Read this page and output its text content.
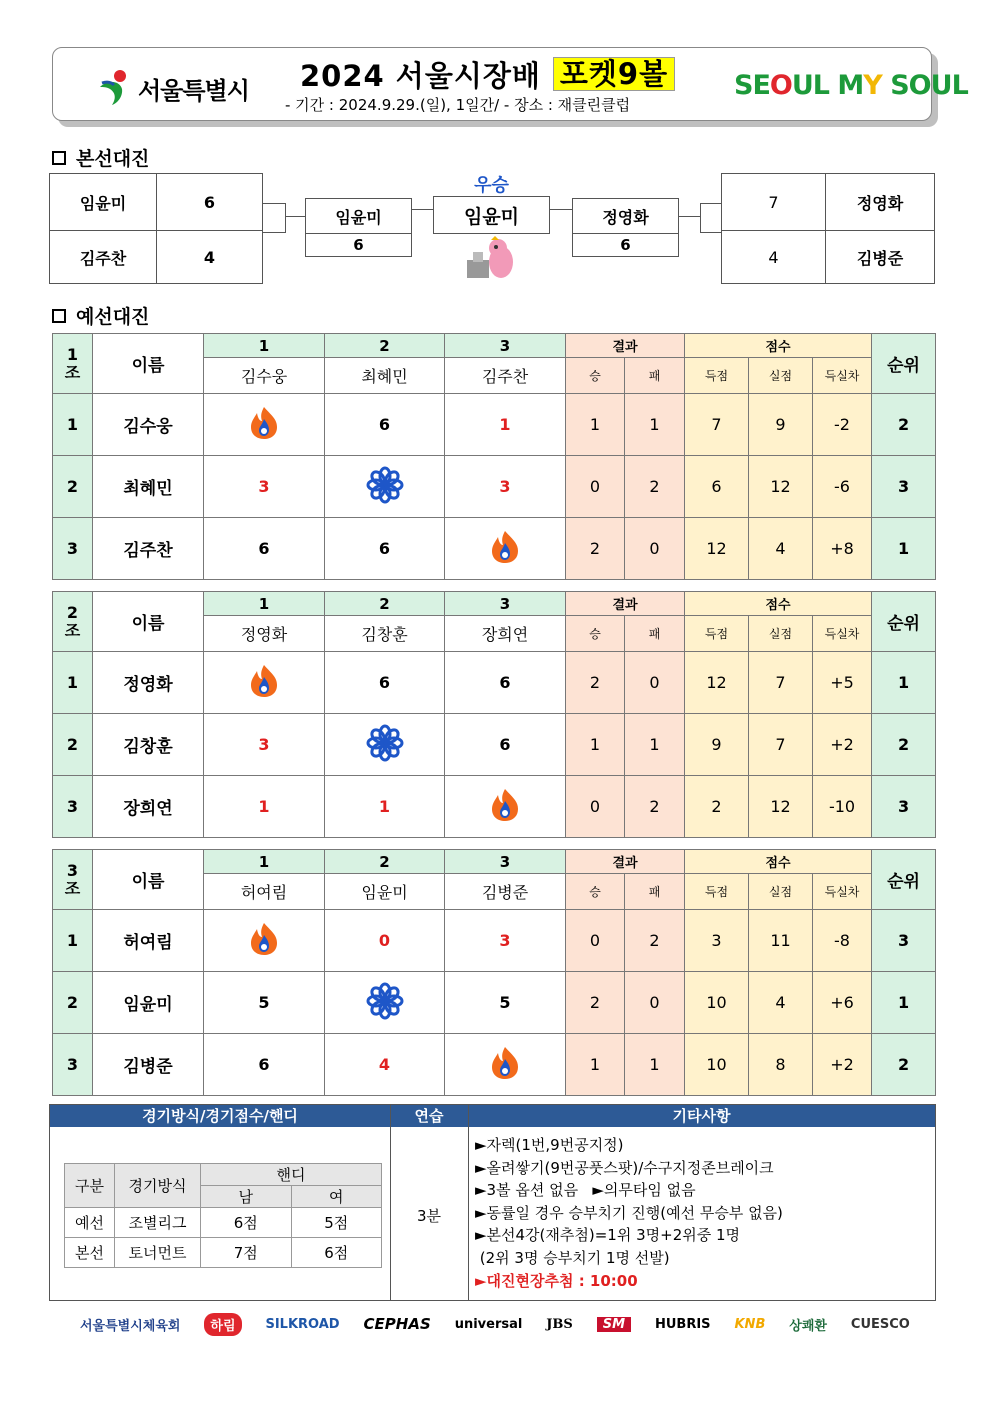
서울특별시 2024 서울시장배 포켓9볼
- 기간 : 2024.9.29.(일), 1일간/ - 장소 : 재클린클럽
SEOUL MY SOUL
본선대진
임윤미	6
김주찬	4
임윤미
6
우승
임윤미	정영화
6
7	정영화
4	김병준
예선대진
1
조	이름	1	2	3	결과		점수			순위
		김수웅	최혜민	김주찬	승	패	득점	실점	득실차	
1	김수웅		6	1	1	1	7	9	-2	2
2	최혜민	3		3	0	2	6	12	-6	3
3	김주찬	6	6		2	0	12	4	+8	1
2
조	이름	1	2	3	결과		점수			순위
		정영화	김창훈	장희연	승	패	득점	실점	득실차	
1	정영화		6	6	2	0	12	7	+5	1
2	김창훈	3		6	1	1	9	7	+2	2
3	장희연	1	1		0	2	2	12	-10	3
3
조	이름	1	2	3	결과		점수			순위
		허여림	임윤미	김병준	승	패	득점	실점	득실차	
1	허여림		0	3	0	2	3	11	-8	3
2	임윤미	5		5	2	0	10	4	+6	1
3	김병준	6	4		1	1	10	8	+2	2
경기방식/경기점수/핸디	연습	기타사항
구분	경기방식	핸디	
		남	여
예선	조별리그	6점	5점
본선	토너먼트	7점	6점
3분
►자렉(1번,9번공지정)
►올려쌓기(9번공풋스팟)/수구지정존브레이크
►3볼 옵션 없음   ►의무타임 없음
►동률일 경우 승부치기 진행(예선 무승부 없음)
►본선4강(재추첨)=1위 3명+2위중 1명
(2위 3명 승부치기 1명 선발)
►대진현장추첨 : 10:00
서울특별시체육회	하림	SILKROAD CEPHAS universal JBS	SM	HUBRIS KNB 상쾌환 CUESCO
